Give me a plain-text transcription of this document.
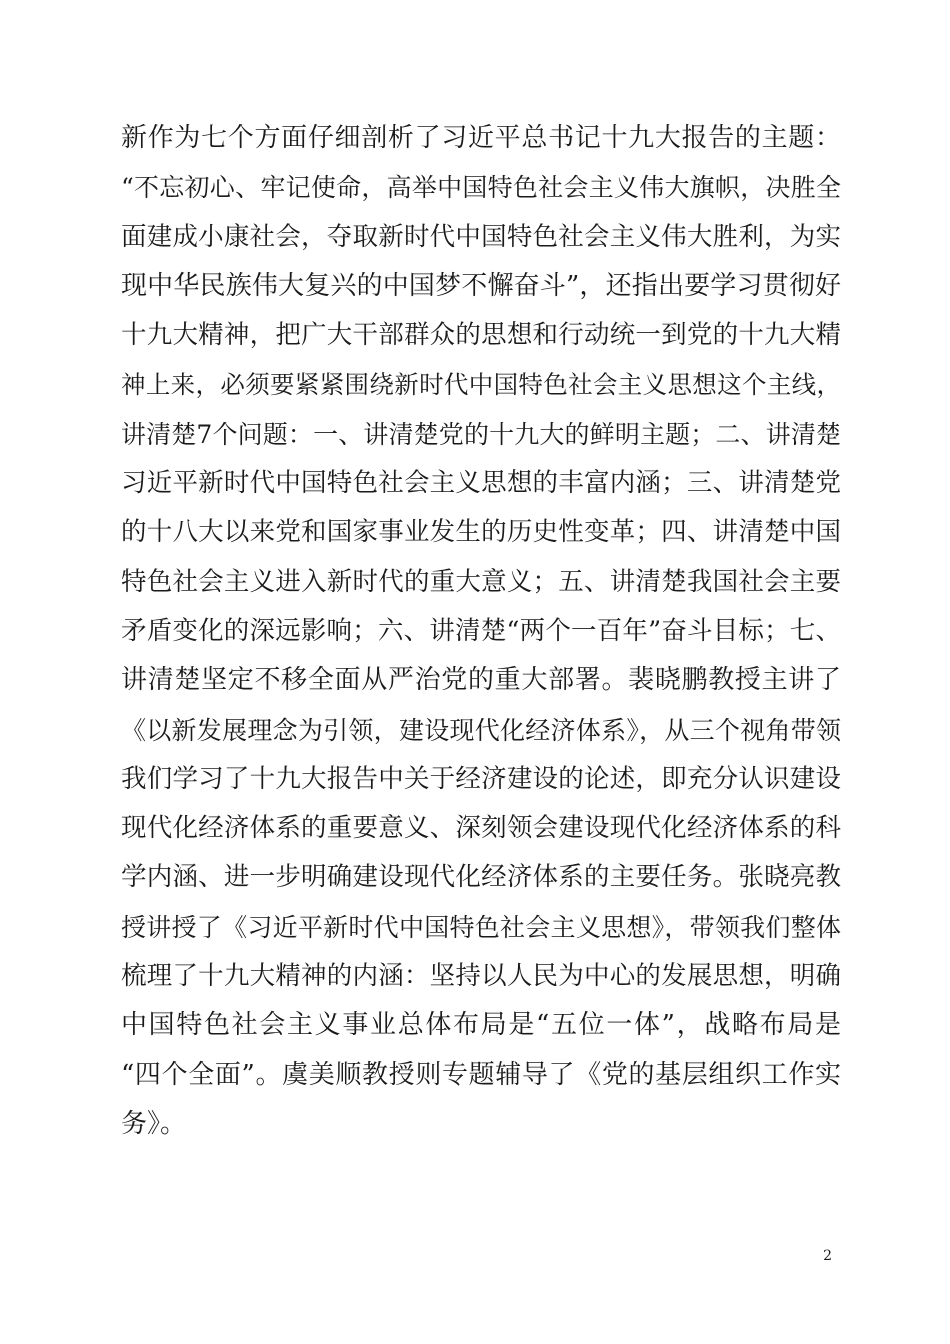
新作为七个方面仔细剖析了习近平总书记十九大报告的主题：
“不忘初心、牢记使命，高举中国特色社会主义伟大旗帜，决胜全
面建成小康社会，夺取新时代中国特色社会主义伟大胜利，为实
现中华民族伟大复兴的中国梦不懈奋斗”，还指出要学习贯彻好
十九大精神，把广大干部群众的思想和行动统一到党的十九大精
神上来，必须要紧紧围绕新时代中国特色社会主义思想这个主线，
讲清楚7个问题：一、讲清楚党的十九大的鲜明主题；二、讲清楚
习近平新时代中国特色社会主义思想的丰富内涵；三、讲清楚党
的十八大以来党和国家事业发生的历史性变革；四、讲清楚中国
特色社会主义进入新时代的重大意义；五、讲清楚我国社会主要
矛盾变化的深远影响；六、讲清楚“两个一百年”奋斗目标；七、
讲清楚坚定不移全面从严治党的重大部署。裴晓鹏教授主讲了
《以新发展理念为引领，建设现代化经济体系》，从三个视角带领
我们学习了十九大报告中关于经济建设的论述，即充分认识建设
现代化经济体系的重要意义、深刻领会建设现代化经济体系的科
学内涵、进一步明确建设现代化经济体系的主要任务。张晓亮教
授讲授了《习近平新时代中国特色社会主义思想》，带领我们整体
梳理了十九大精神的内涵：坚持以人民为中心的发展思想，明确
中国特色社会主义事业总体布局是“五位一体”，战略布局是
“四个全面”。虞美顺教授则专题辅导了《党的基层组织工作实
务》。
2
